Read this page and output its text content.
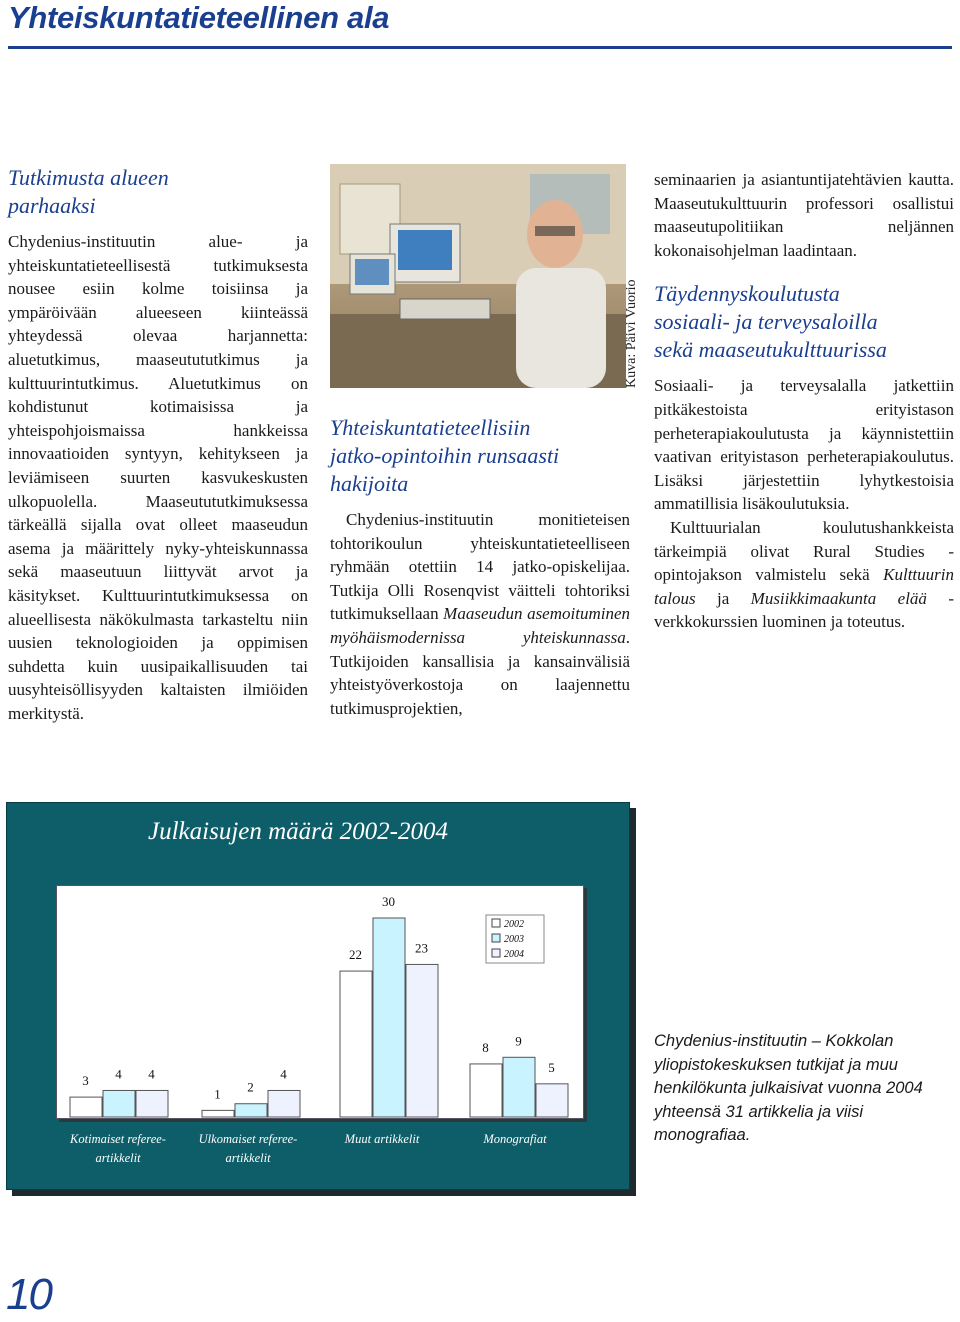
Yhteiskuntatieteellinen ala
Tutkimusta alueen
parhaaksi

Chydenius-instituutin alue- ja yhteiskuntatieteellisestä tutkimuksesta nousee esiin kolme toisiinsa ja ympäröivään alueeseen kiinteässä yhteydessä olevaa harjannetta: aluetutkimus, maaseutututkimus ja kulttuurintutkimus. Aluetutkimus on kohdistunut kotimaisissa ja yhteispohjoismaissa hankkeissa innovaatioiden syntyyn, kehitykseen ja leviämiseen suurten kasvukeskusten ulkopuolella. Maaseutututkimuksessa tärkeällä sijalla ovat olleet maaseudun asema ja määrittely nyky-yhteiskunnassa sekä maaseutuun liittyvät arvot ja käsitykset. Kulttuurintutkimuksessa on alueellisesta näkökulmasta tarkasteltu niin uusien teknologioiden ja oppimisen suhdetta kuin uusipaikallisuuden tai uusyhteisöllisyyden kaltaisten ilmiöiden merkitystä.

Kuva: Päivi Vuorio
Yhteiskuntatieteellisiin
jatko-opintoihin runsaasti
hakijoita

Chydenius-instituutin monitieteisen tohtorikoulun yhteiskuntatieteelliseen ryhmään otettiin 14 jatko-opiskelijaa. Tutkija Olli Rosenqvist väitteli tohtoriksi tutkimuksellaan Maaseudun asemoituminen myöhäismodernissa yhteiskunnassa. Tutkijoiden kansallisia ja kansainvälisiä yhteistyöverkostoja on laajennettu tutkimusprojektien,

seminaarien ja asiantuntijatehtävien kautta. Maaseutukulttuurin professori osallistui maaseutupolitiikan neljännen kokonaisohjelman laadintaan.

Täydennyskoulutusta
sosiaali- ja terveysaloilla
sekä maaseutukulttuurissa

Sosiaali- ja terveysalalla jatkettiin pitkäkestoista erityistason perheterapiakoulutusta ja käynnistettiin vaativan erityistason perheterapiakoulutus. Lisäksi järjestettiin lyhytkestoisia ammatillisia lisäkoulutuksia.

Kulttuurialan koulutushankkeista tärkeimpiä olivat Rural Studies -opintojakson valmistelu sekä Kulttuurin talous ja Musiikkimaakunta elää -verkkokurssien luominen ja toteutus.

Julkaisujen määrä 2002-2004
3 4 4
1 2
4
22
30
23
8 9
5
2002
2003
2004
Kotimaiset referee-
artikkelit
Ulkomaiset referee-
artikkelit
Muut artikkelit	Monografiat
Chydenius-instituutin – Kokkolan yliopistokeskuksen tutkijat ja muu henkilökunta julkaisivat vuonna 2004 yhteensä 31 artikkelia ja viisi monografiaa.
10
